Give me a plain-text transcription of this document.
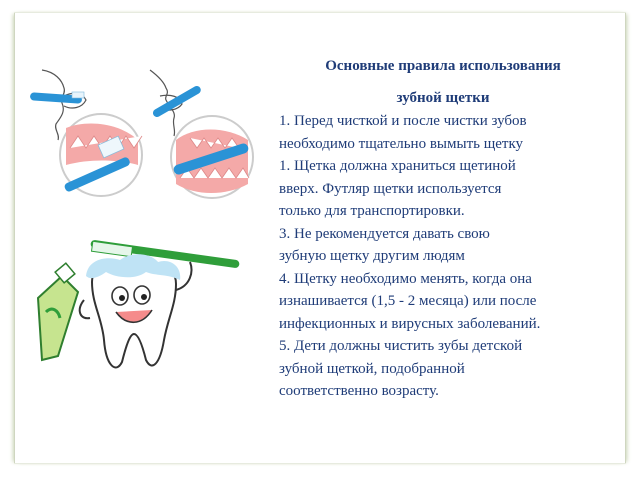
Основные правила использования
зубной щетки
1. Перед чисткой и после чистки зубов
необходимо тщательно вымыть щетку
1. Щетка должна храниться щетиной
вверх. Футляр щетки используется
только для транспортировки.
3. Не рекомендуется давать свою
зубную щетку другим людям
4. Щетку необходимо менять, когда она
изнашивается (1,5 - 2 месяца) или после
инфекционных и вирусных заболеваний.
5. Дети должны чистить зубы детской
зубной щеткой, подобранной
соответственно возрасту.
